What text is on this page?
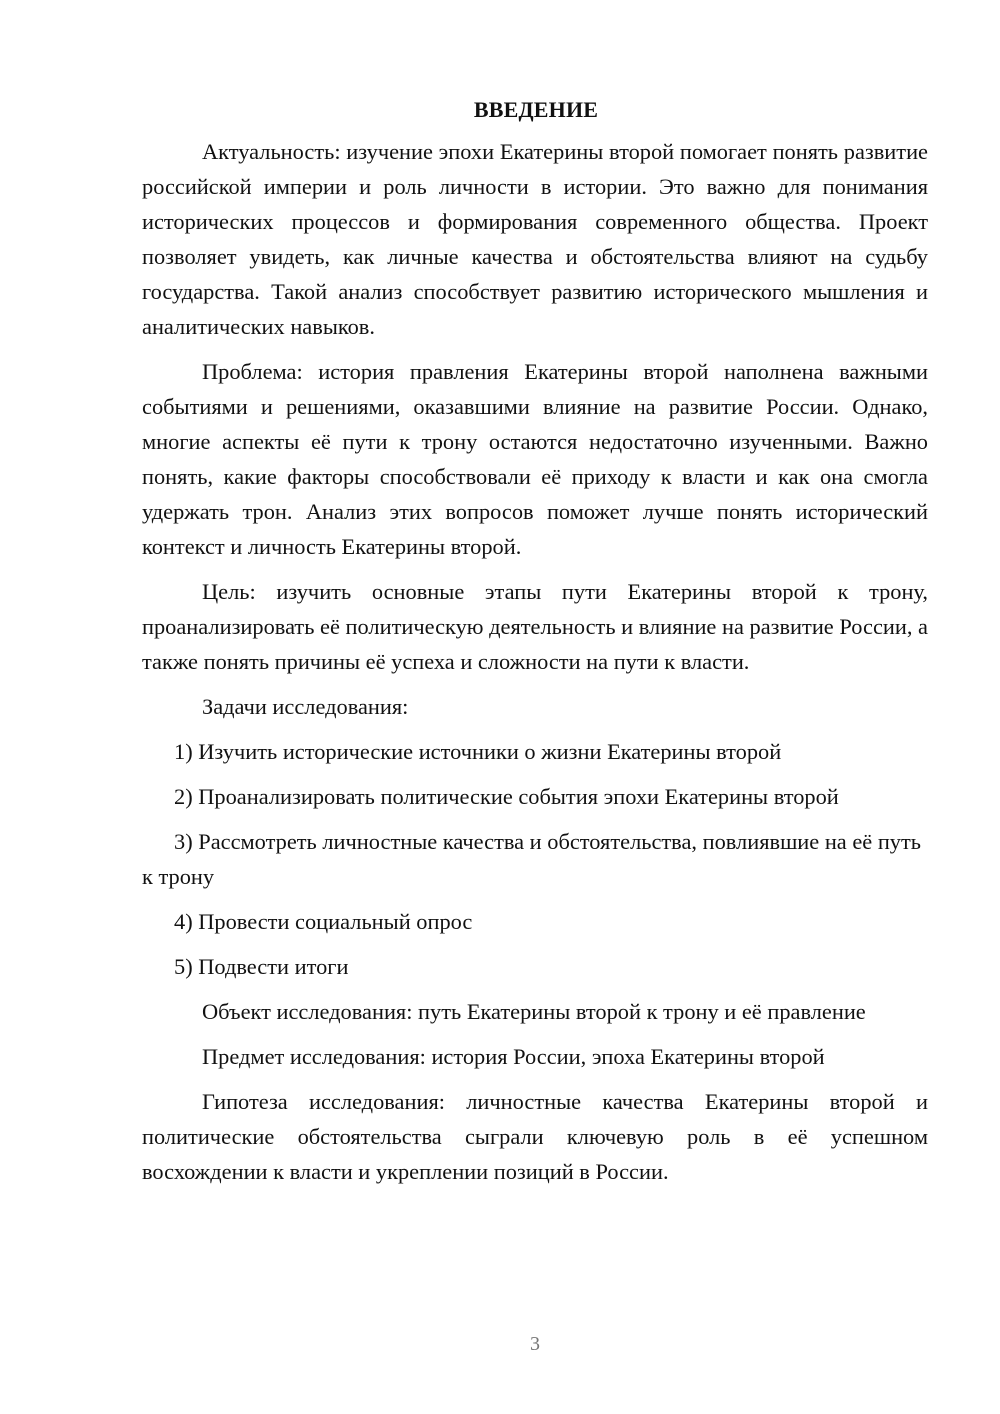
ВВЕДЕНИЕ

Актуальность: изучение эпохи Екатерины второй помогает понять развитие российской империи и роль личности в истории. Это важно для понимания исторических процессов и формирования современного общества. Проект позволяет увидеть, как личные качества и обстоятельства влияют на судьбу государства. Такой анализ способствует развитию исторического мышления и аналитических навыков.

Проблема: история правления Екатерины второй наполнена важными событиями и решениями, оказавшими влияние на развитие России. Однако, многие аспекты её пути к трону остаются недостаточно изученными. Важно понять, какие факторы способствовали её приходу к власти и как она смогла удержать трон. Анализ этих вопросов поможет лучше понять исторический контекст и личность Екатерины второй.

Цель: изучить основные этапы пути Екатерины второй к трону, проанализировать её политическую деятельность и влияние на развитие России, а также понять причины её успеха и сложности на пути к власти.

Задачи исследования:

1) Изучить исторические источники о жизни Екатерины второй

2) Проанализировать политические события эпохи Екатерины второй

3) Рассмотреть личностные качества и обстоятельства, повлиявшие на её путь к трону

4) Провести социальный опрос

5) Подвести итоги

Объект исследования: путь Екатерины второй к трону и её правление

Предмет исследования: история России, эпоха Екатерины второй

Гипотеза исследования: личностные качества Екатерины второй и политические обстоятельства сыграли ключевую роль в её успешном восхождении к власти и укреплении позиций в России.

3
